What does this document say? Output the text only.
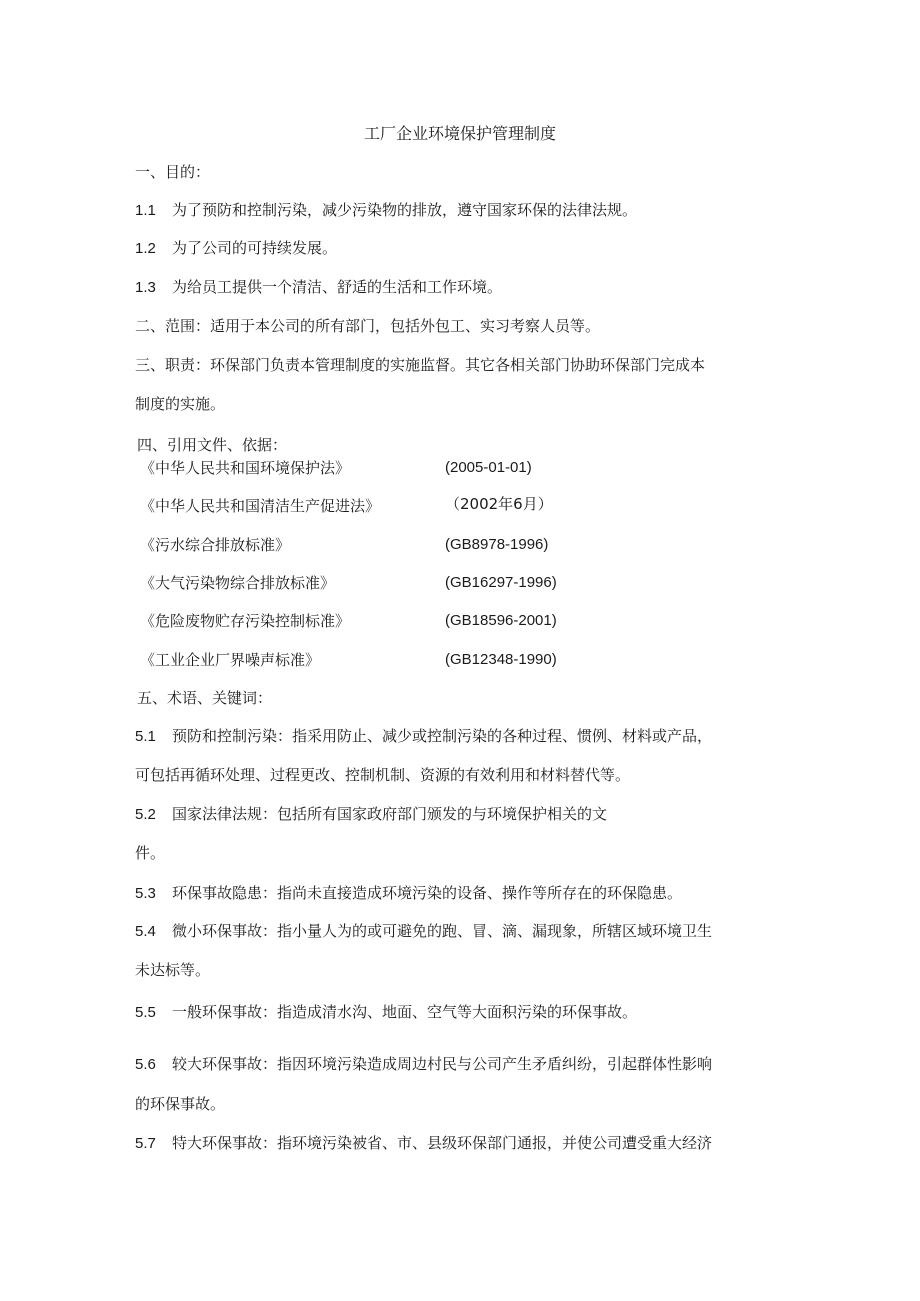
工厂企业环境保护管理制度
一、目的：
1.1 为了预防和控制污染，减少污染物的排放，遵守国家环保的法律法规。
1.2 为了公司的可持续发展。
1.3 为给员工提供一个清洁、舒适的生活和工作环境。
二、范围：适用于本公司的所有部门，包括外包工、实习考察人员等。
三、职责：环保部门负责本管理制度的实施监督。其它各相关部门协助环保部门完成本
制度的实施。
四、引用文件、依据：
《中华人民共和国环境保护法》	(2005-01-01)
《中华人民共和国清洁生产促进法》	（2002年6月）
《污水综合排放标准》	(GB8978-1996)
《大气污染物综合排放标准》	(GB16297-1996)
《危险废物贮存污染控制标准》	(GB18596-2001)
《工业企业厂界噪声标准》	(GB12348-1990)
五、术语、关键词：
5.1 预防和控制污染：指采用防止、减少或控制污染的各种过程、惯例、材料或产品，
可包括再循环处理、过程更改、控制机制、资源的有效利用和材料替代等。
5.2 国家法律法规：包括所有国家政府部门颁发的与环境保护相关的文
件。
5.3 环保事故隐患：指尚未直接造成环境污染的设备、操作等所存在的环保隐患。
5.4 微小环保事故：指小量人为的或可避免的跑、冒、滴、漏现象，所辖区域环境卫生
未达标等。
5.5 一般环保事故：指造成清水沟、地面、空气等大面积污染的环保事故。
5.6 较大环保事故：指因环境污染造成周边村民与公司产生矛盾纠纷，引起群体性影响
的环保事故。
5.7 特大环保事故：指环境污染被省、市、县级环保部门通报，并使公司遭受重大经济
